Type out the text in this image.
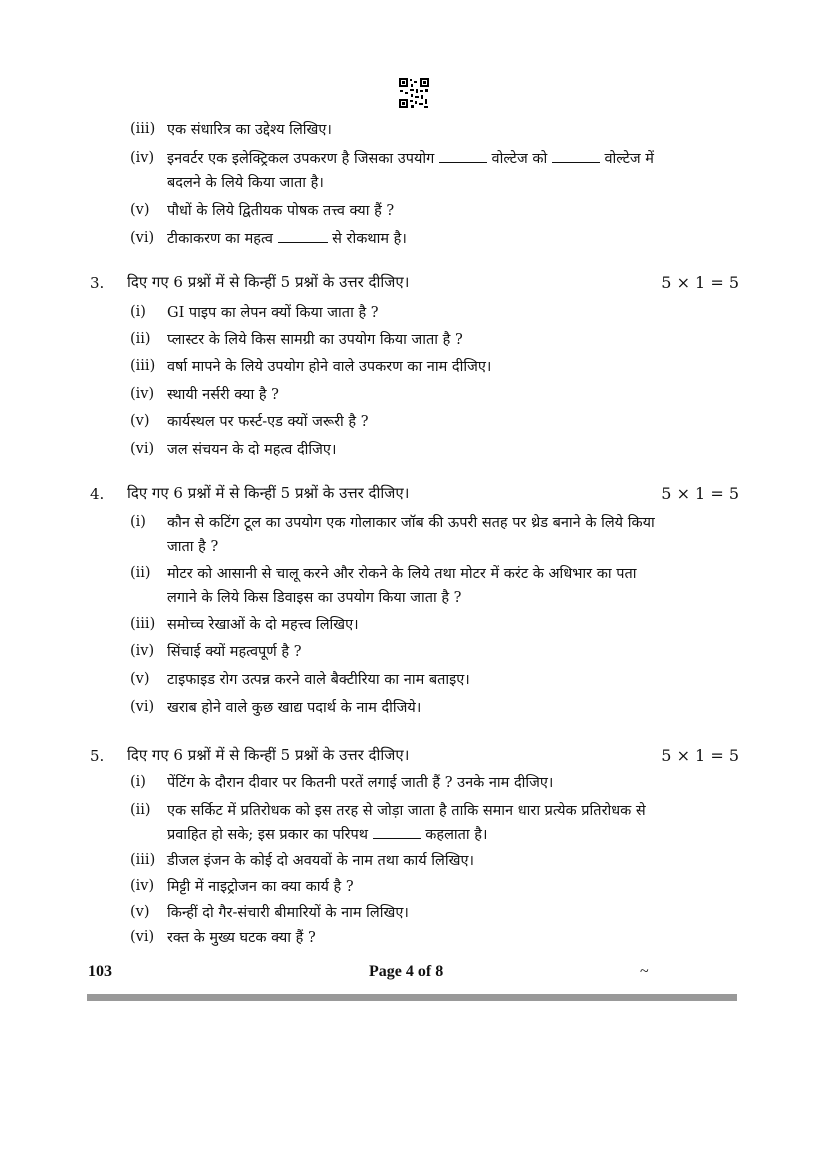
(iii) एक संधारित्र का उद्देश्य लिखिए।
(iv) इनवर्टर एक इलेक्ट्रिकल उपकरण है जिसका उपयोग	वोल्टेज को	वोल्टेज में
बदलने के लिये किया जाता है।
(v)	पौधों के लिये द्वितीयक पोषक तत्त्व क्या हैं ?
(vi) टीकाकरण का महत्व	से रोकथाम है।
3. दिए गए 6 प्रश्नों में से किन्हीं 5 प्रश्नों के उत्तर दीजिए।	5 × 1 = 5
(i)	GI पाइप का लेपन क्यों किया जाता है ?
(ii)	प्लास्टर के लिये किस सामग्री का उपयोग किया जाता है ?
(iii) वर्षा मापने के लिये उपयोग होने वाले उपकरण का नाम दीजिए।
(iv) स्थायी नर्सरी क्या है ?
(v)	कार्यस्थल पर फर्स्ट-एड क्यों जरूरी है ?
(vi) जल संचयन के दो महत्व दीजिए।
4. दिए गए 6 प्रश्नों में से किन्हीं 5 प्रश्नों के उत्तर दीजिए।	5 × 1 = 5
(i)	कौन से कटिंग टूल का उपयोग एक गोलाकार जॉब की ऊपरी सतह पर थ्रेड बनाने के लिये किया
जाता है ?
(ii)	मोटर को आसानी से चालू करने और रोकने के लिये तथा मोटर में करंट के अधिभार का पता
लगाने के लिये किस डिवाइस का उपयोग किया जाता है ?
(iii) समोच्च रेखाओं के दो महत्त्व लिखिए।
(iv) सिंचाई क्यों महत्वपूर्ण है ?
(v)	टाइफाइड रोग उत्पन्न करने वाले बैक्टीरिया का नाम बताइए।
(vi) खराब होने वाले कुछ खाद्य पदार्थ के नाम दीजिये।
5. दिए गए 6 प्रश्नों में से किन्हीं 5 प्रश्नों के उत्तर दीजिए।	5 × 1 = 5
(i)	पेंटिंग के दौरान दीवार पर कितनी परतें लगाई जाती हैं ? उनके नाम दीजिए।
(ii)	एक सर्किट में प्रतिरोधक को इस तरह से जोड़ा जाता है ताकि समान धारा प्रत्येक प्रतिरोधक से
प्रवाहित हो सके; इस प्रकार का परिपथ	कहलाता है।
(iii) डीजल इंजन के कोई दो अवयवों के नाम तथा कार्य लिखिए।
(iv) मिट्टी में नाइट्रोजन का क्या कार्य है ?
(v)	किन्हीं दो गैर-संचारी बीमारियों के नाम लिखिए।
(vi) रक्त के मुख्य घटक क्या हैं ?
103	Page 4 of 8	~
